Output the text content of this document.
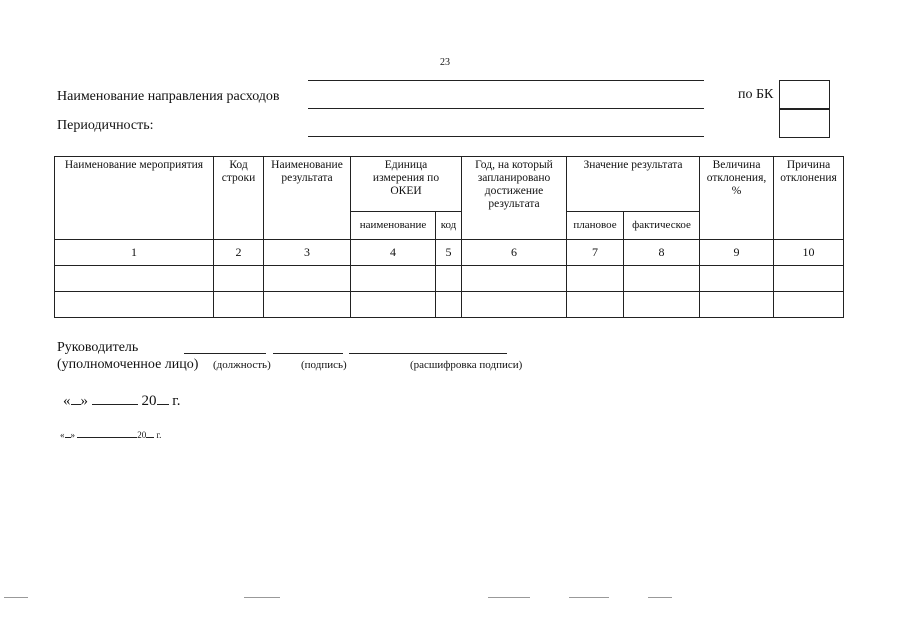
23
Наименование направления расходов
Периодичность:
по БК
Наименование мероприятия	Код строки	Наименование результата	Единица измерения по ОКЕИ		Год, на который запланировано достижение результата	Значение результата		Величина отклонения, %	Причина отклонения
			наименование	код		плановое	фактическое		
1	2	3	4	5	6	7	8	9	10

Руководитель
(уполномоченное лицо) (должность)	(подпись)	(расшифровка подписи)
« »	20 г.
« »	20 г.
